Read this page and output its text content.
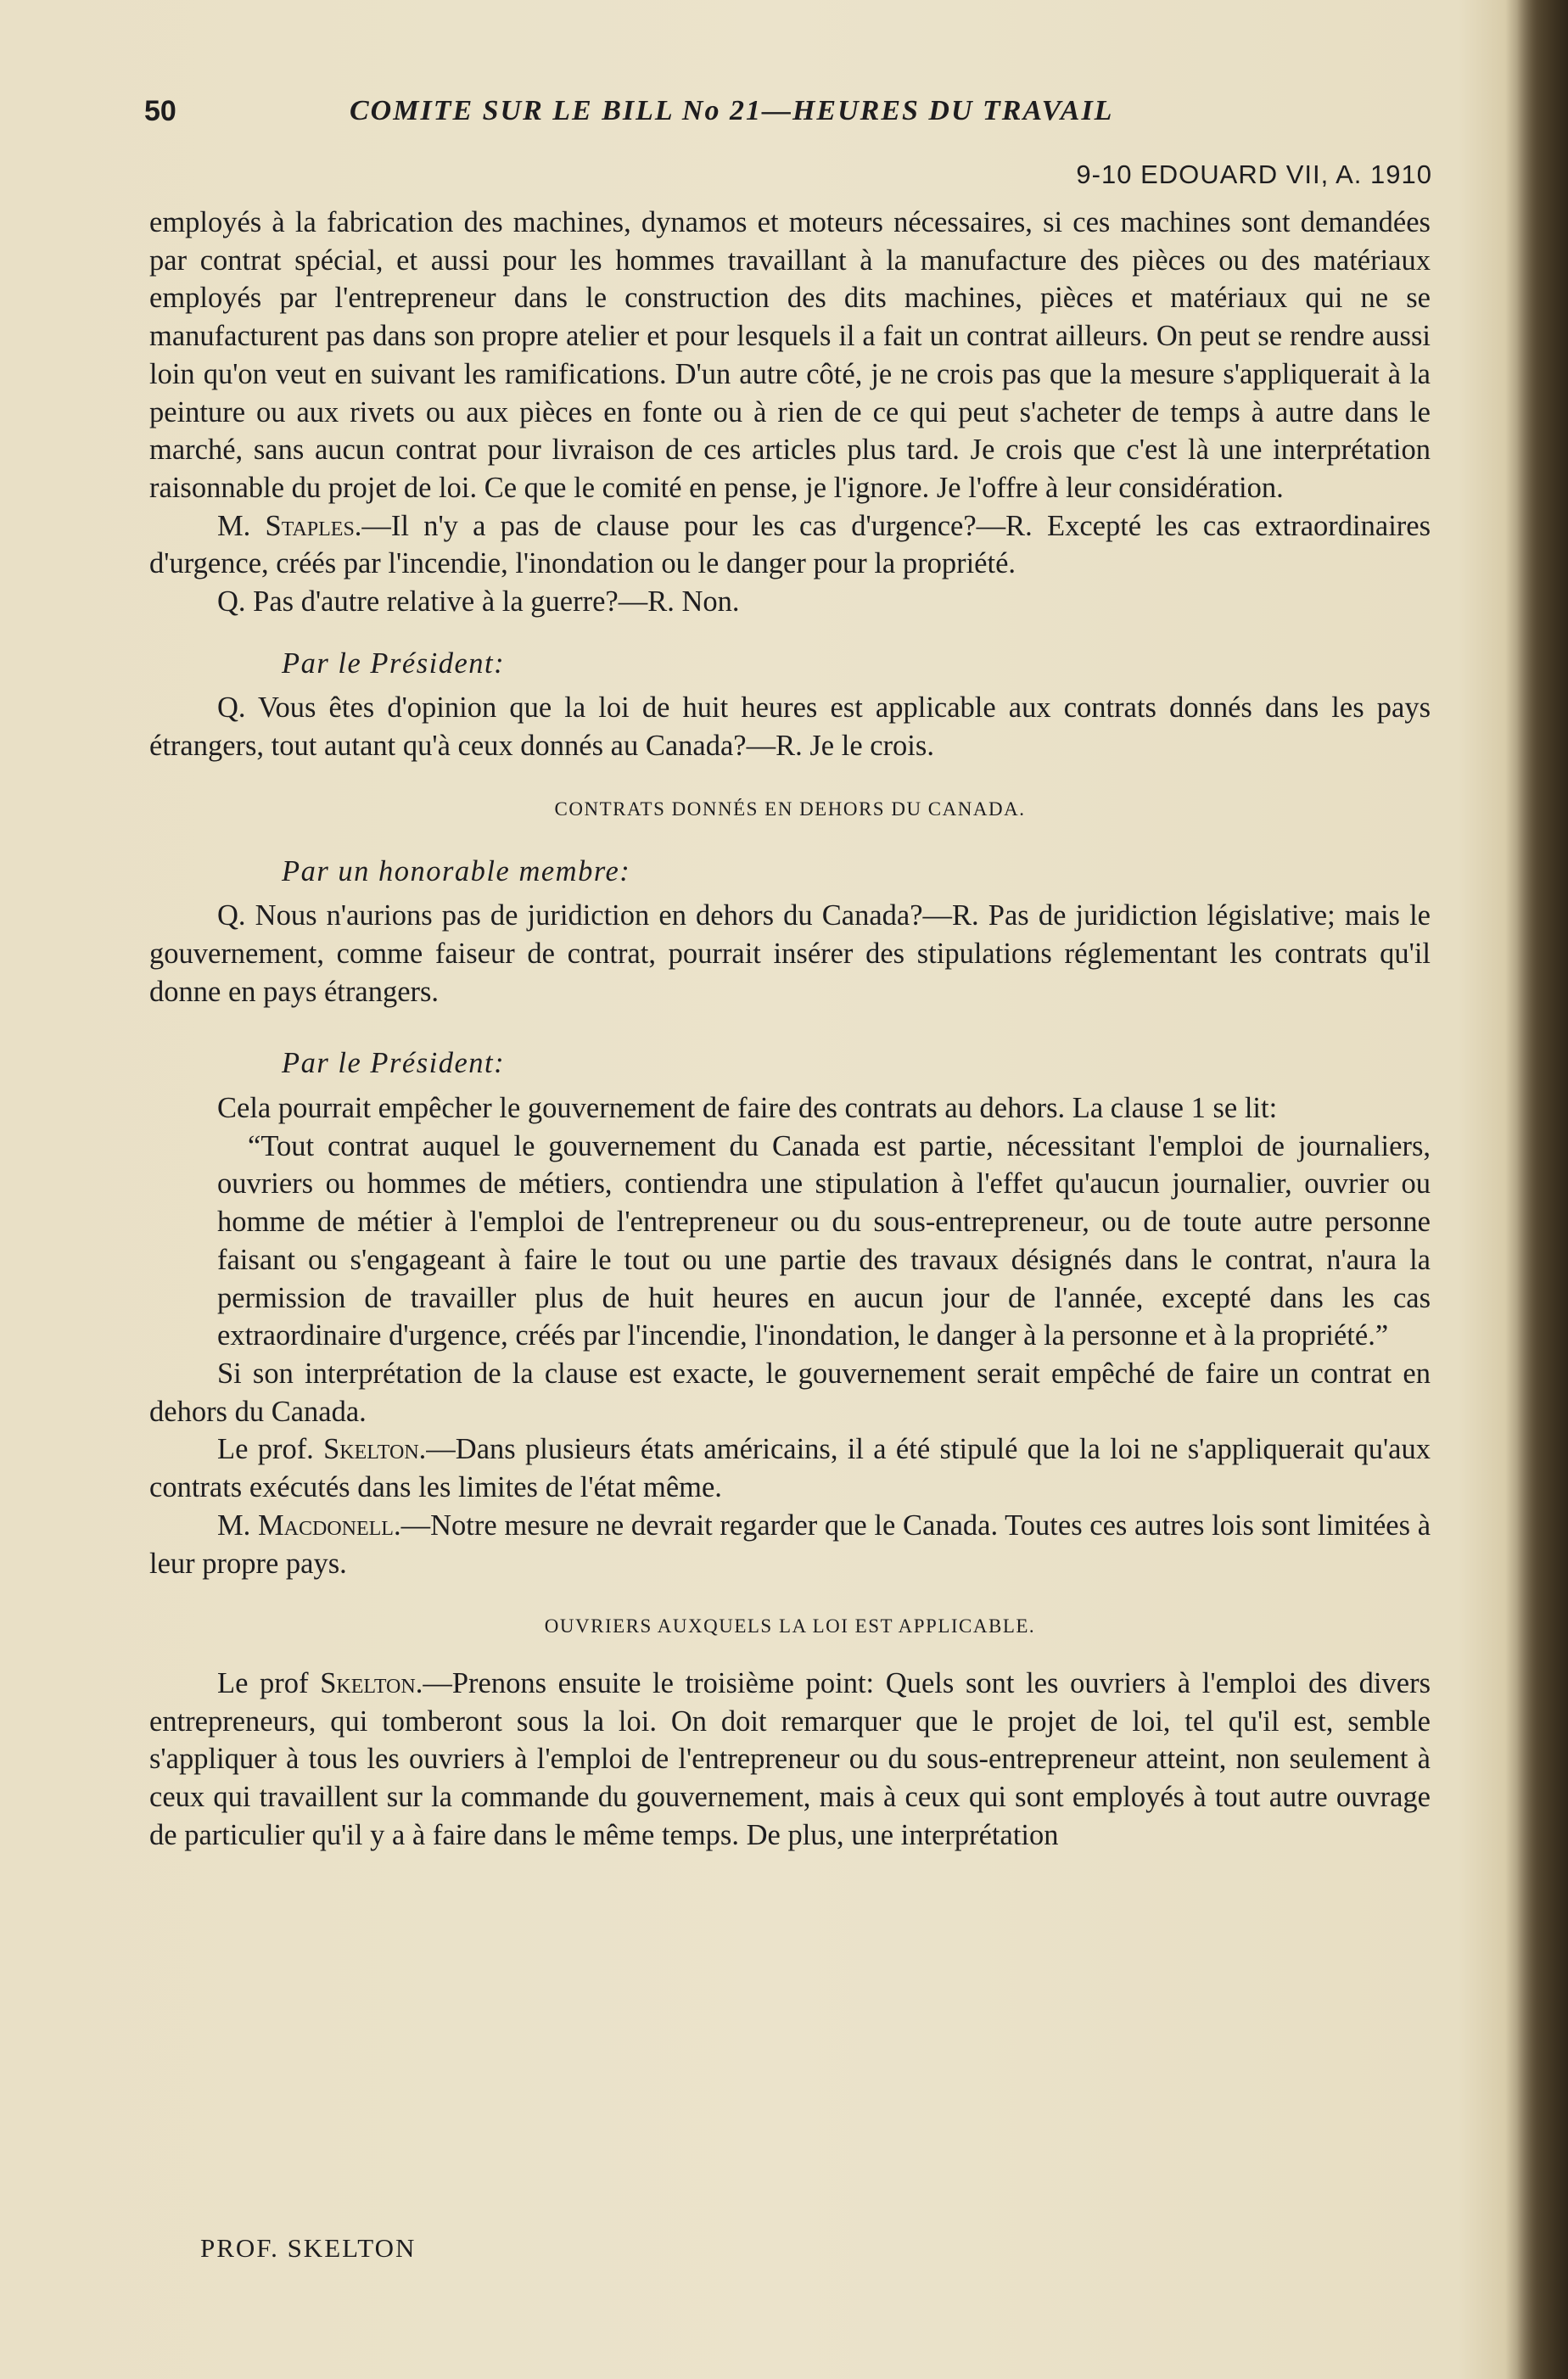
50	COMITE SUR LE BILL No 21—HEURES DU TRAVAIL
9-10 EDOUARD VII, A. 1910

employés à la fabrication des machines, dynamos et moteurs nécessaires, si ces machines sont demandées par contrat spécial, et aussi pour les hommes travaillant à la manufacture des pièces ou des matériaux employés par l'entrepreneur dans le construction des dits machines, pièces et matériaux qui ne se manufacturent pas dans son propre atelier et pour lesquels il a fait un contrat ailleurs. On peut se rendre aussi loin qu'on veut en suivant les ramifications. D'un autre côté, je ne crois pas que la mesure s'appliquerait à la peinture ou aux rivets ou aux pièces en fonte ou à rien de ce qui peut s'acheter de temps à autre dans le marché, sans aucun contrat pour livraison de ces articles plus tard. Je crois que c'est là une interprétation raisonnable du projet de loi. Ce que le comité en pense, je l'ignore. Je l'offre à leur considération.

M. Staples.—Il n'y a pas de clause pour les cas d'urgence?—R. Excepté les cas extraordinaires d'urgence, créés par l'incendie, l'inondation ou le danger pour la propriété.

Q. Pas d'autre relative à la guerre?—R. Non.

Par le Président:

Q. Vous êtes d'opinion que la loi de huit heures est applicable aux contrats donnés dans les pays étrangers, tout autant qu'à ceux donnés au Canada?—R. Je le crois.

CONTRATS DONNÉS EN DEHORS DU CANADA.

Par un honorable membre:

Q. Nous n'aurions pas de juridiction en dehors du Canada?—R. Pas de juridiction législative; mais le gouvernement, comme faiseur de contrat, pourrait insérer des stipulations réglementant les contrats qu'il donne en pays étrangers.

Par le Président:

Cela pourrait empêcher le gouvernement de faire des contrats au dehors. La clause 1 se lit:

“Tout contrat auquel le gouvernement du Canada est partie, nécessitant l'emploi de journaliers, ouvriers ou hommes de métiers, contiendra une stipulation à l'effet qu'aucun journalier, ouvrier ou homme de métier à l'emploi de l'entrepreneur ou du sous-entrepreneur, ou de toute autre personne faisant ou s'engageant à faire le tout ou une partie des travaux désignés dans le contrat, n'aura la permission de travailler plus de huit heures en aucun jour de l'année, excepté dans les cas extraordinaire d'urgence, créés par l'incendie, l'inondation, le danger à la personne et à la propriété.”

Si son interprétation de la clause est exacte, le gouvernement serait empêché de faire un contrat en dehors du Canada.

Le prof. Skelton.—Dans plusieurs états américains, il a été stipulé que la loi ne s'appliquerait qu'aux contrats exécutés dans les limites de l'état même.

M. Macdonell.—Notre mesure ne devrait regarder que le Canada. Toutes ces autres lois sont limitées à leur propre pays.

OUVRIERS AUXQUELS LA LOI EST APPLICABLE.

Le prof Skelton.—Prenons ensuite le troisième point: Quels sont les ouvriers à l'emploi des divers entrepreneurs, qui tomberont sous la loi. On doit remarquer que le projet de loi, tel qu'il est, semble s'appliquer à tous les ouvriers à l'emploi de l'entrepreneur ou du sous-entrepreneur atteint, non seulement à ceux qui travaillent sur la commande du gouvernement, mais à ceux qui sont employés à tout autre ouvrage de particulier qu'il y a à faire dans le même temps. De plus, une interprétation

PROF. SKELTON
